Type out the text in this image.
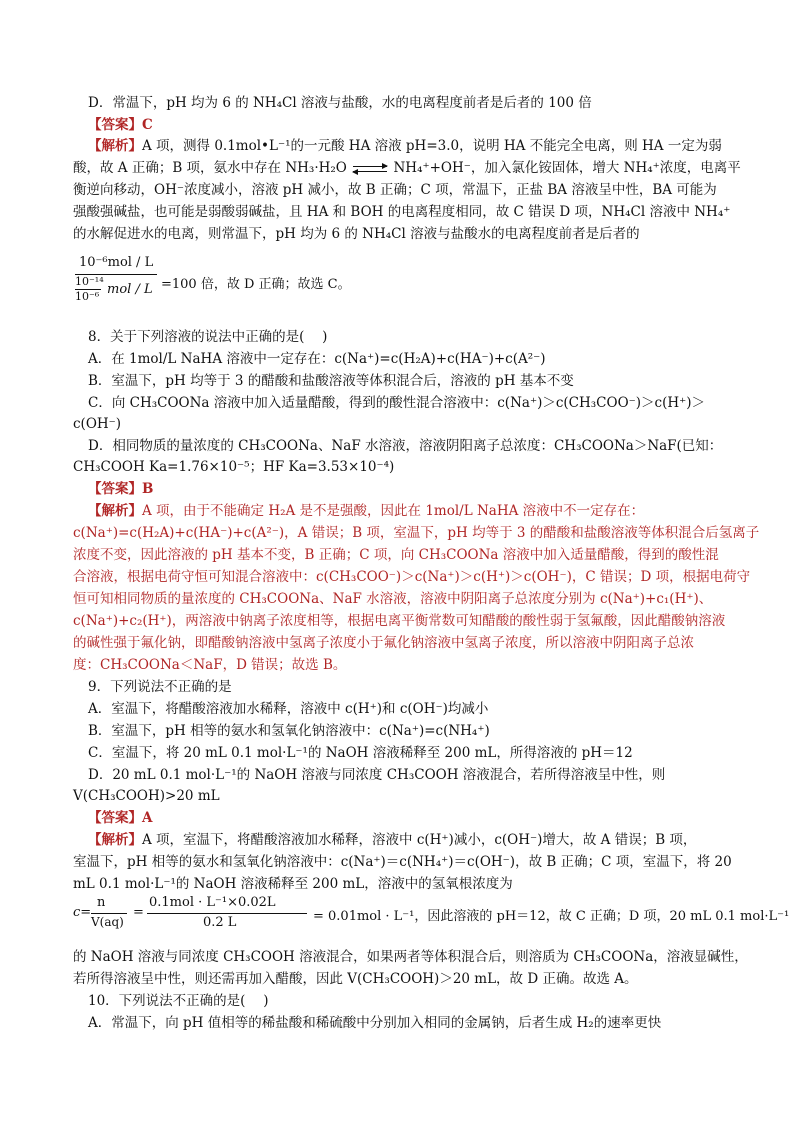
D．常温下，pH 均为 6 的 NH₄Cl 溶液与盐酸，水的电离程度前者是后者的 100 倍
【答案】C
【解析】A 项，测得 0.1mol•L⁻¹的一元酸 HA 溶液 pH=3.0，说明 HA 不能完全电离，则 HA 一定为弱
酸，故 A 正确；B 项，氨水中存在 NH₃·H₂O	NH₄⁺+OH⁻，加入氯化铵固体，增大 NH₄⁺浓度，电离平
衡逆向移动，OH⁻浓度减小，溶液 pH 减小，故 B 正确；C 项，常温下，正盐 BA 溶液呈中性，BA 可能为
强酸强碱盐，也可能是弱酸弱碱盐，且 HA 和 BOH 的电离程度相同，故 C 错误 D 项，NH₄Cl 溶液中 NH₄⁺
的水解促进水的电离，则常温下，pH 均为 6 的 NH₄Cl 溶液与盐酸水的电离程度前者是后者的
10⁻⁶mol / L
10⁻¹⁴
10⁻⁶ mol / L =100 倍，故 D 正确；故选 C。
8．关于下列溶液的说法中正确的是(　 )
A．在 1mol/L NaHA 溶液中一定存在：c(Na⁺)=c(H₂A)+c(HA⁻)+c(A²⁻)
B．室温下，pH 均等于 3 的醋酸和盐酸溶液等体积混合后，溶液的 pH 基本不变
C．向 CH₃COONa 溶液中加入适量醋酸，得到的酸性混合溶液中：c(Na⁺)＞c(CH₃COO⁻)＞c(H⁺)＞
c(OH⁻)
D．相同物质的量浓度的 CH₃COONa、NaF 水溶液，溶液阴阳离子总浓度：CH₃COONa＞NaF(已知：
CH₃COOH Ka=1.76×10⁻⁵；HF Ka=3.53×10⁻⁴)
【答案】B
【解析】A 项，由于不能确定 H₂A 是不是强酸，因此在 1mol/L NaHA 溶液中不一定存在：
c(Na⁺)=c(H₂A)+c(HA⁻)+c(A²⁻)，A 错误；B 项，室温下，pH 均等于 3 的醋酸和盐酸溶液等体积混合后氢离子
浓度不变，因此溶液的 pH 基本不变，B 正确；C 项，向 CH₃COONa 溶液中加入适量醋酸，得到的酸性混
合溶液，根据电荷守恒可知混合溶液中：c(CH₃COO⁻)＞c(Na⁺)＞c(H⁺)＞c(OH⁻)，C 错误；D 项，根据电荷守
恒可知相同物质的量浓度的 CH₃COONa、NaF 水溶液，溶液中阴阳离子总浓度分别为 c(Na⁺)+c₁(H⁺)、
c(Na⁺)+c₂(H⁺)，两溶液中钠离子浓度相等，根据电离平衡常数可知醋酸的酸性弱于氢氟酸，因此醋酸钠溶液
的碱性强于氟化钠，即醋酸钠溶液中氢离子浓度小于氟化钠溶液中氢离子浓度，所以溶液中阴阳离子总浓
度：CH₃COONa＜NaF，D 错误；故选 B。
9．下列说法不正确的是
A．室温下，将醋酸溶液加水稀释，溶液中 c(H⁺)和 c(OH⁻)均减小
B．室温下，pH 相等的氨水和氢氧化钠溶液中：c(Na⁺)=c(NH₄⁺)
C．室温下，将 20 mL 0.1 mol·L⁻¹的 NaOH 溶液稀释至 200 mL，所得溶液的 pH＝12
D．20 mL 0.1 mol·L⁻¹的 NaOH 溶液与同浓度 CH₃COOH 溶液混合，若所得溶液呈中性，则
V(CH₃COOH)>20 mL
【答案】A
【解析】A 项，室温下，将醋酸溶液加水稀释，溶液中 c(H⁺)减小，c(OH⁻)增大，故 A 错误；B 项，
室温下，pH 相等的氨水和氢氧化钠溶液中：c(Na⁺)＝c(NH₄⁺)＝c(OH⁻)，故 B 正确；C 项，室温下，将 20
mL 0.1 mol·L⁻¹的 NaOH 溶液稀释至 200 mL，溶液中的氢氧根浓度为
c=
n
V(aq)
=
0.1mol · L⁻¹×0.02L
0.2 L	= 0.01mol · L⁻¹，因此溶液的 pH＝12，故 C 正确；D 项，20 mL 0.1 mol·L⁻¹
的 NaOH 溶液与同浓度 CH₃COOH 溶液混合，如果两者等体积混合后，则溶质为 CH₃COONa，溶液显碱性，
若所得溶液呈中性，则还需再加入醋酸，因此 V(CH₃COOH)＞20 mL，故 D 正确。故选 A。
10．下列说法不正确的是(　 )
A．常温下，向 pH 值相等的稀盐酸和稀硫酸中分别加入相同的金属钠，后者生成 H₂的速率更快
